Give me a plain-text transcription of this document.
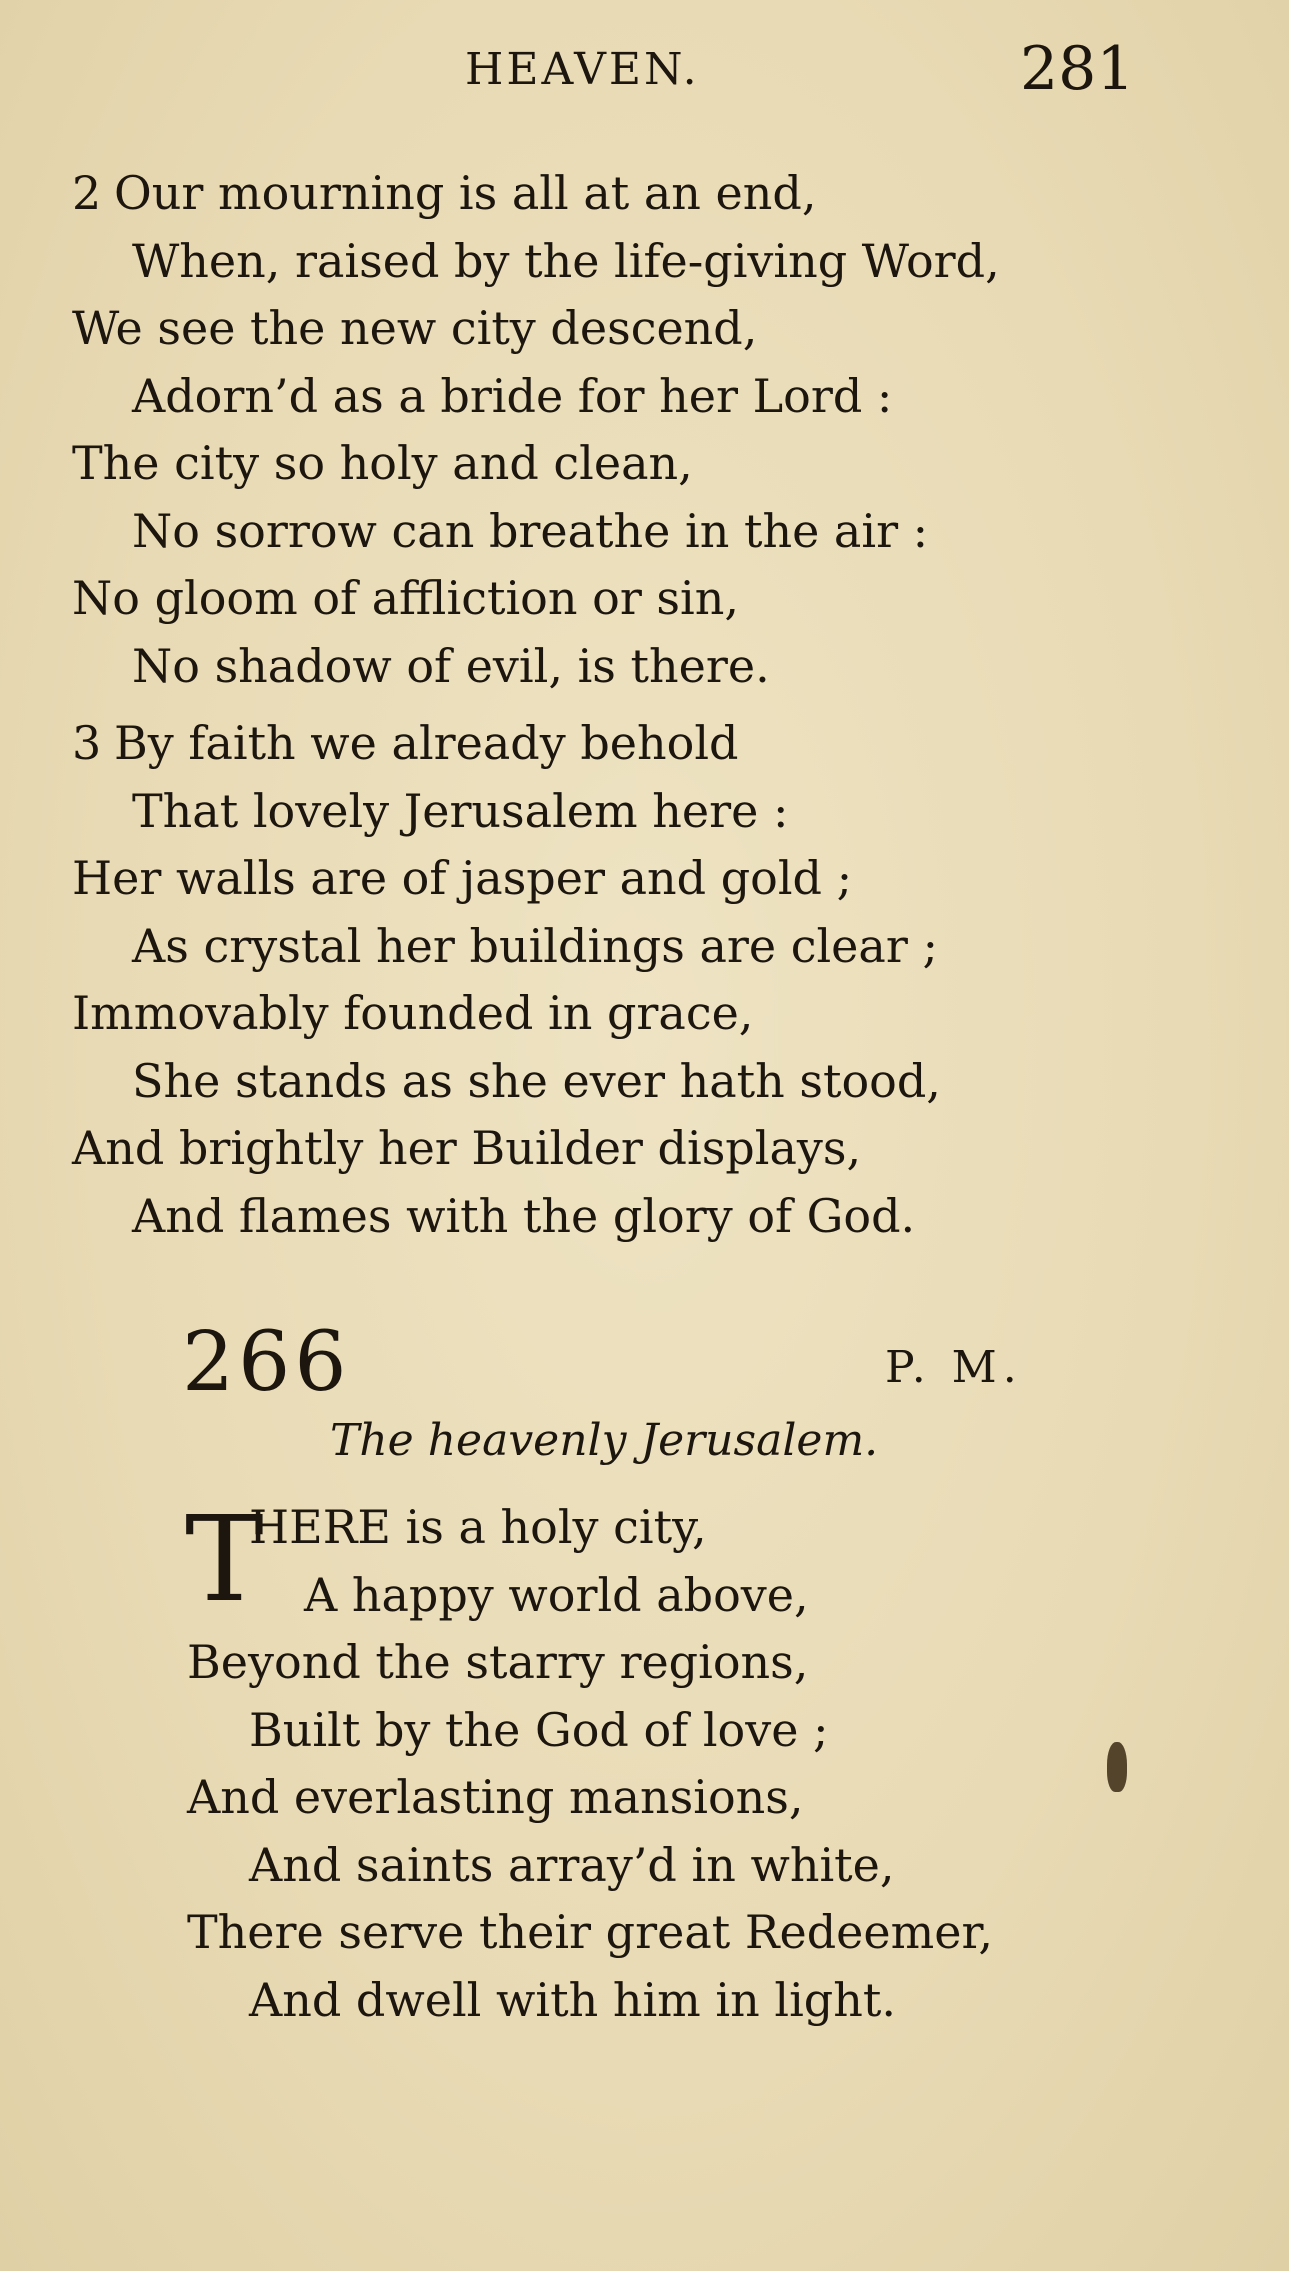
HEAVEN.	281
2 Our mourning is all at an end,
When, raised by the life-giving Word,
We see the new city descend,
Adorn’d as a bride for her Lord :
The city so holy and clean,
No sorrow can breathe in the air :
No gloom of affliction or sin,
No shadow of evil, is there.
3 By faith we already behold
That lovely Jerusalem here :
Her walls are of jasper and gold ;
As crystal her buildings are clear ;
Immovably founded in grace,
She stands as she ever hath stood,
And brightly her Builder displays,
And flames with the glory of God.
266	P. M.
The heavenly Jerusalem.
T
HERE is a holy city,
A happy world above,
Beyond the starry regions,
Built by the God of love ;
And everlasting mansions,
And saints array’d in white,
There serve their great Redeemer,
And dwell with him in light.
